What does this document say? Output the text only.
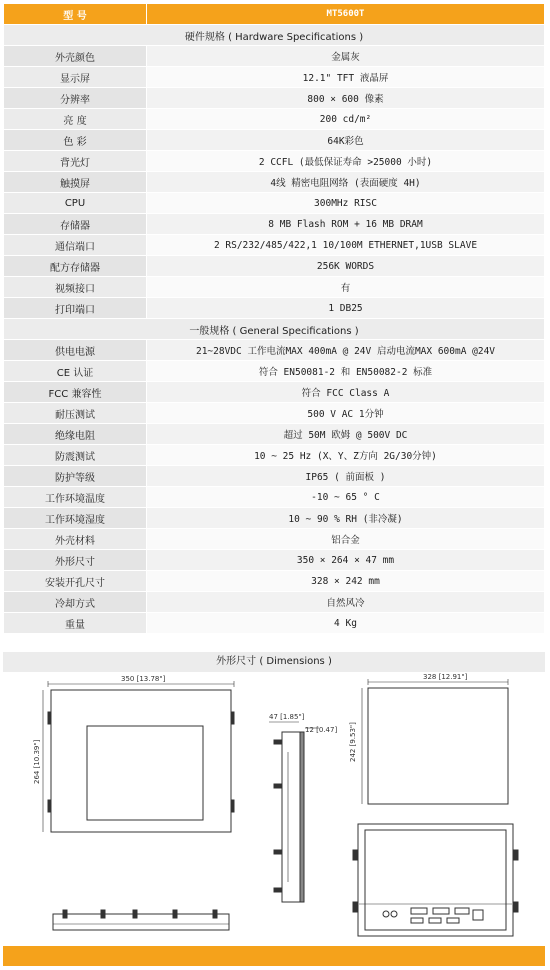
型 号	MT5600T
硬件规格 ( Hardware Specifications )	
外壳颜色	金属灰
显示屏	12.1" TFT 液晶屏
分辨率	800 × 600 像素
亮 度	200 cd/m²
色 彩	64K彩色
背光灯	2 CCFL (最低保证寿命 >25000 小时)
触摸屏	4线 精密电阻网络 (表面硬度 4H)
CPU	300MHz RISC
存储器	8 MB Flash ROM + 16 MB DRAM
通信端口	2 RS/232/485/422,1 10/100M ETHERNET,1USB SLAVE
配方存储器	256K WORDS
视频接口	有
打印端口	1 DB25
一般规格 ( General Specifications )	
供电电源	21~28VDC 工作电流MAX 400mA @ 24V 启动电流MAX 600mA @24V
CE 认证	符合 EN50081-2 和 EN50082-2 标准
FCC 兼容性	符合 FCC Class A
耐压测试	500 V AC 1分钟
绝缘电阻	超过 50M 欧姆 @ 500V DC
防震测试	10 ~ 25 Hz (X、Y、Z方向 2G/30分钟)
防护等级	IP65 ( 前面板 )
工作环境温度	-10 ~ 65 ° C
工作环境湿度	10 ~ 90 % RH (非冷凝)
外壳材料	铝合金
外形尺寸	350 × 264 × 47 mm
安装开孔尺寸	328 × 242 mm
冷却方式	自然风冷
重量	4 Kg
外形尺寸 ( Dimensions )
350 [13.78"]
264 [10.39"]
47 [1.85"]
12 [0.47]
328 [12.91"]
242 [9.53"]
